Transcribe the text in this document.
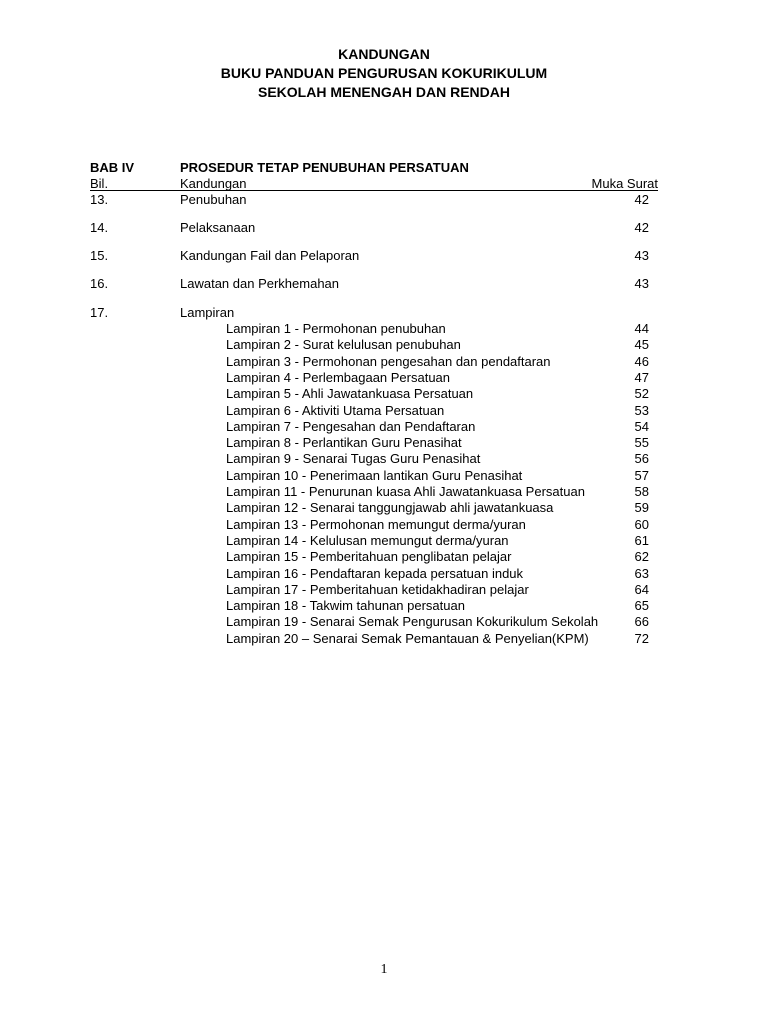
KANDUNGAN
BUKU PANDUAN PENGURUSAN KOKURIKULUM
SEKOLAH MENENGAH DAN RENDAH
BAB IV	PROSEDUR TETAP PENUBUHAN PERSATUAN
Bil.	Kandungan	Muka Surat
13.	Penubuhan	42
14.	Pelaksanaan	42
15.	Kandungan Fail dan Pelaporan	43
16.	Lawatan dan Perkhemahan	43
17.	Lampiran
Lampiran 1 - Permohonan penubuhan	44
Lampiran 2 - Surat kelulusan penubuhan	45
Lampiran 3 - Permohonan pengesahan dan pendaftaran	46
Lampiran 4 - Perlembagaan Persatuan	47
Lampiran 5 - Ahli Jawatankuasa Persatuan	52
Lampiran 6 - Aktiviti Utama Persatuan	53
Lampiran 7 - Pengesahan dan Pendaftaran	54
Lampiran 8 - Perlantikan Guru Penasihat	55
Lampiran 9 - Senarai Tugas Guru Penasihat	56
Lampiran 10 - Penerimaan lantikan Guru Penasihat	57
Lampiran 11 - Penurunan kuasa Ahli Jawatankuasa Persatuan	58
Lampiran 12 - Senarai tanggungjawab ahli jawatankuasa	59
Lampiran 13 - Permohonan memungut derma/yuran	60
Lampiran 14 - Kelulusan memungut derma/yuran	61
Lampiran 15 - Pemberitahuan penglibatan pelajar	62
Lampiran 16 - Pendaftaran kepada persatuan induk	63
Lampiran 17 - Pemberitahuan ketidakhadiran pelajar	64
Lampiran 18 - Takwim tahunan persatuan	65
Lampiran 19 - Senarai Semak Pengurusan Kokurikulum Sekolah	66
Lampiran 20 – Senarai Semak Pemantauan & Penyelian(KPM)	72
1
